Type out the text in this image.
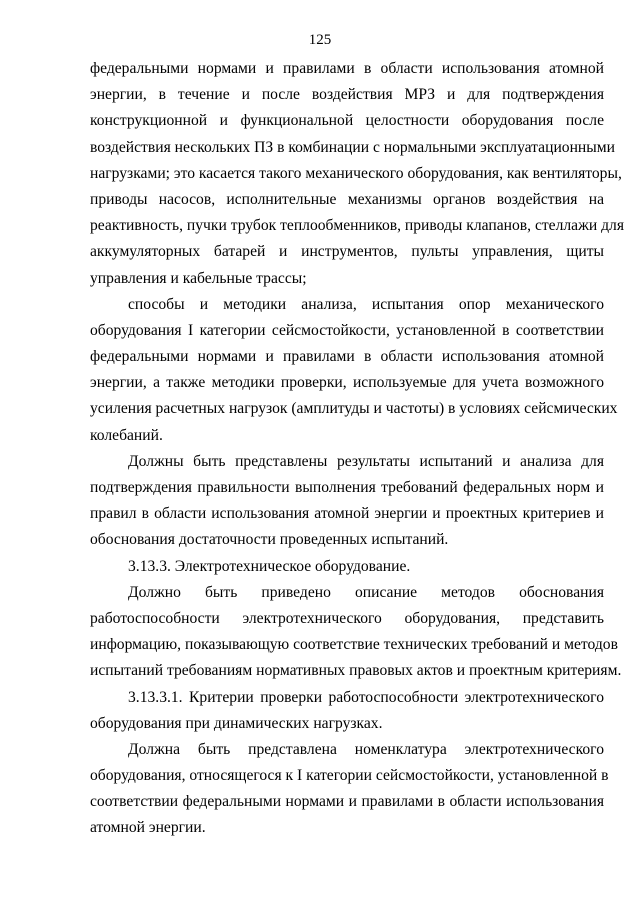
125
федеральными нормами и правилами в области использования атомной
энергии, в течение и после воздействия МРЗ и для подтверждения
конструкционной и функциональной целостности оборудования после
воздействия нескольких ПЗ в комбинации с нормальными эксплуатационными
нагрузками; это касается такого механического оборудования, как вентиляторы,
приводы насосов, исполнительные механизмы органов воздействия на
реактивность, пучки трубок теплообменников, приводы клапанов, стеллажи для
аккумуляторных батарей и инструментов, пульты управления, щиты
управления и кабельные трассы;
способы и методики анализа, испытания опор механического
оборудования I категории сейсмостойкости, установленной в соответствии
федеральными нормами и правилами в области использования атомной
энергии, а также методики проверки, используемые для учета возможного
усиления расчетных нагрузок (амплитуды и частоты) в условиях сейсмических
колебаний.
Должны быть представлены результаты испытаний и анализа для
подтверждения правильности выполнения требований федеральных норм и
правил в области использования атомной энергии и проектных критериев и
обоснования достаточности проведенных испытаний.
3.13.3. Электротехническое оборудование.
Должно быть приведено описание методов обоснования
работоспособности электротехнического оборудования, представить
информацию, показывающую соответствие технических требований и методов
испытаний требованиям нормативных правовых актов и проектным критериям.
3.13.3.1. Критерии проверки работоспособности электротехнического
оборудования при динамических нагрузках.
Должна быть представлена номенклатура электротехнического
оборудования, относящегося к I категории сейсмостойкости, установленной в
соответствии федеральными нормами и правилами в области использования
атомной энергии.
